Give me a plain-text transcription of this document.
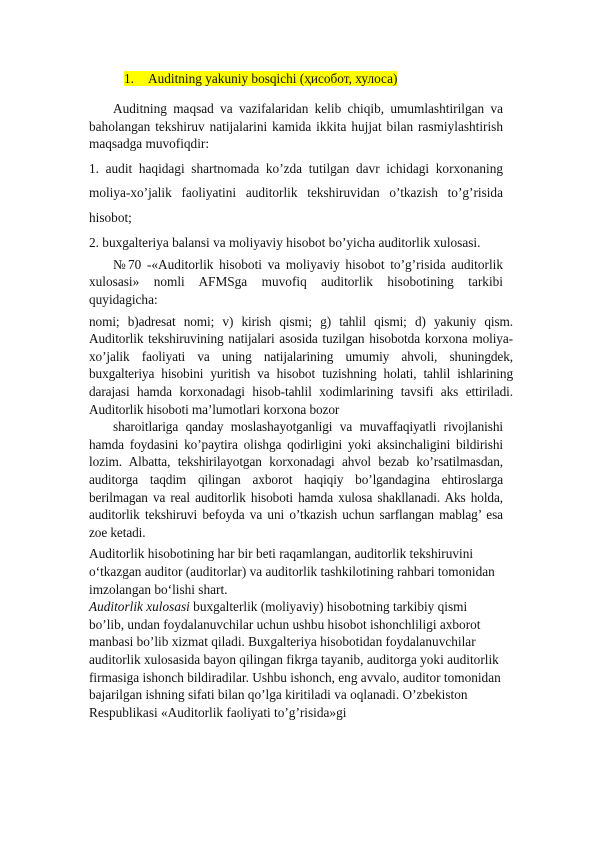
1. Auditning yakuniy bosqichi (ҳисобот, хулоса)

Auditning maqsad va vazifalaridan kelib chiqib, umumlashtirilgan va baholangan tekshiruv natijalarini kamida ikkita hujjat bilan rasmiylashtirish maqsadga muvofiqdir:

1. audit haqidagi shartnomada ko’zda tutilgan davr ichidagi korxonaning moliya-xo’jalik faoliyatini auditorlik tekshiruvidan o’tkazish to’g’risida hisobot;

2. buxgalteriya balansi va moliyaviy hisobot bo’yicha auditorlik xulosasi.

№70 -«Auditorlik hisoboti va moliyaviy hisobot to’g’risida auditorlik xulosasi» nomli AFMSga muvofiq auditorlik hisobotining tarkibi quyidagicha:

nomi; b)adresat nomi; v) kirish qismi; g) tahlil qismi; d) yakuniy qism. Auditorlik tekshiruvining natijalari asosida tuzilgan hisobotda korxona moliya-xo’jalik faoliyati va uning natijalarining umumiy ahvoli, shuningdek, buxgalteriya hisobini yuritish va hisobot tuzishning holati, tahlil ishlarining darajasi hamda korxonadagi hisob-tahlil xodimlarining tavsifi aks ettiriladi. Auditorlik hisoboti ma’lumotlari korxona bozor

sharoitlariga qanday moslashayotganligi va muvaffaqiyatli rivojlanishi hamda foydasini ko’paytira olishga qodirligini yoki aksinchaligini bildirishi lozim. Albatta, tekshirilayotgan korxonadagi ahvol bezab ko’rsatilmasdan, auditorga taqdim qilingan axborot haqiqiy bo’lgandagina ehtiroslarga berilmagan va real auditorlik hisoboti hamda xulosa shakllanadi. Aks holda, auditorlik tekshiruvi befoyda va uni o’tkazish uchun sarflangan mablag’ esa zoe ketadi.

Auditorlik hisobotining har bir beti raqamlangan, auditorlik tekshiruvini o‘tkazgan auditor (auditorlar) va auditorlik tashkilotining rahbari tomonidan imzolangan bo‘lishi shart.

Auditorlik xulosasi buxgalterlik (moliyaviy) hisobotning tarkibiy qismi bo’lib, undan foydalanuvchilar uchun ushbu hisobot ishonchliligi axborot manbasi bo’lib xizmat qiladi. Buxgalteriya hisobotidan foydalanuvchilar auditorlik xulosasida bayon qilingan fikrga tayanib, auditorga yoki auditorlik firmasiga ishonch bildiradilar. Ushbu ishonch, eng avvalo, auditor tomonidan bajarilgan ishning sifati bilan qo’lga kiritiladi va oqlanadi. O’zbekiston Respublikasi «Auditorlik faoliyati to’g’risida»gi
